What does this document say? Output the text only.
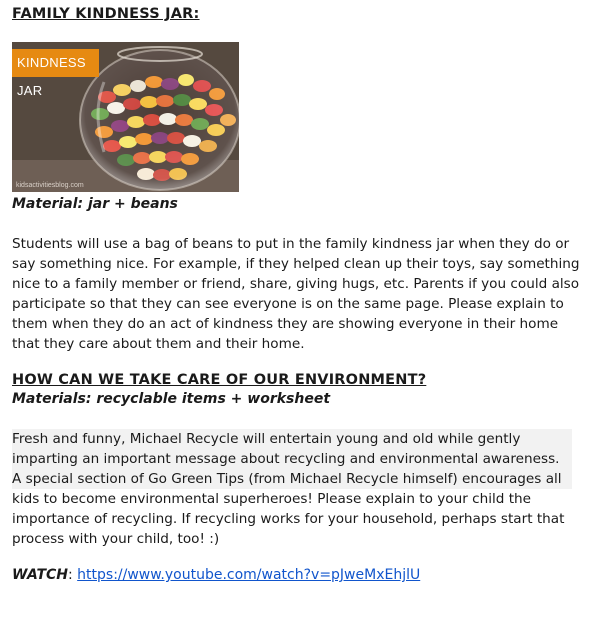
FAMILY KINDNESS JAR:
KINDNESS JAR
kidsactivitiesblog.com
Material: jar + beans
Students will use a bag of beans to put in the family kindness jar when they do or
say something nice. For example, if they helped clean up their toys, say something
nice to a family member or friend, share, giving hugs, etc. Parents if you could also
participate so that they can see everyone is on the same page. Please explain to
them when they do an act of kindness they are showing everyone in their home
that they care about them and their home.
HOW CAN WE TAKE CARE OF OUR ENVIRONMENT?
Materials: recyclable items + worksheet
Fresh and funny, Michael Recycle will entertain young and old while gently
imparting an important message about recycling and environmental awareness.
A special section of Go Green Tips (from Michael Recycle himself) encourages all
kids to become environmental superheroes! Please explain to your child the
importance of recycling. If recycling works for your household, perhaps start that
process with your child, too! :)
WATCH: https://www.youtube.com/watch?v=pJweMxEhjlU
